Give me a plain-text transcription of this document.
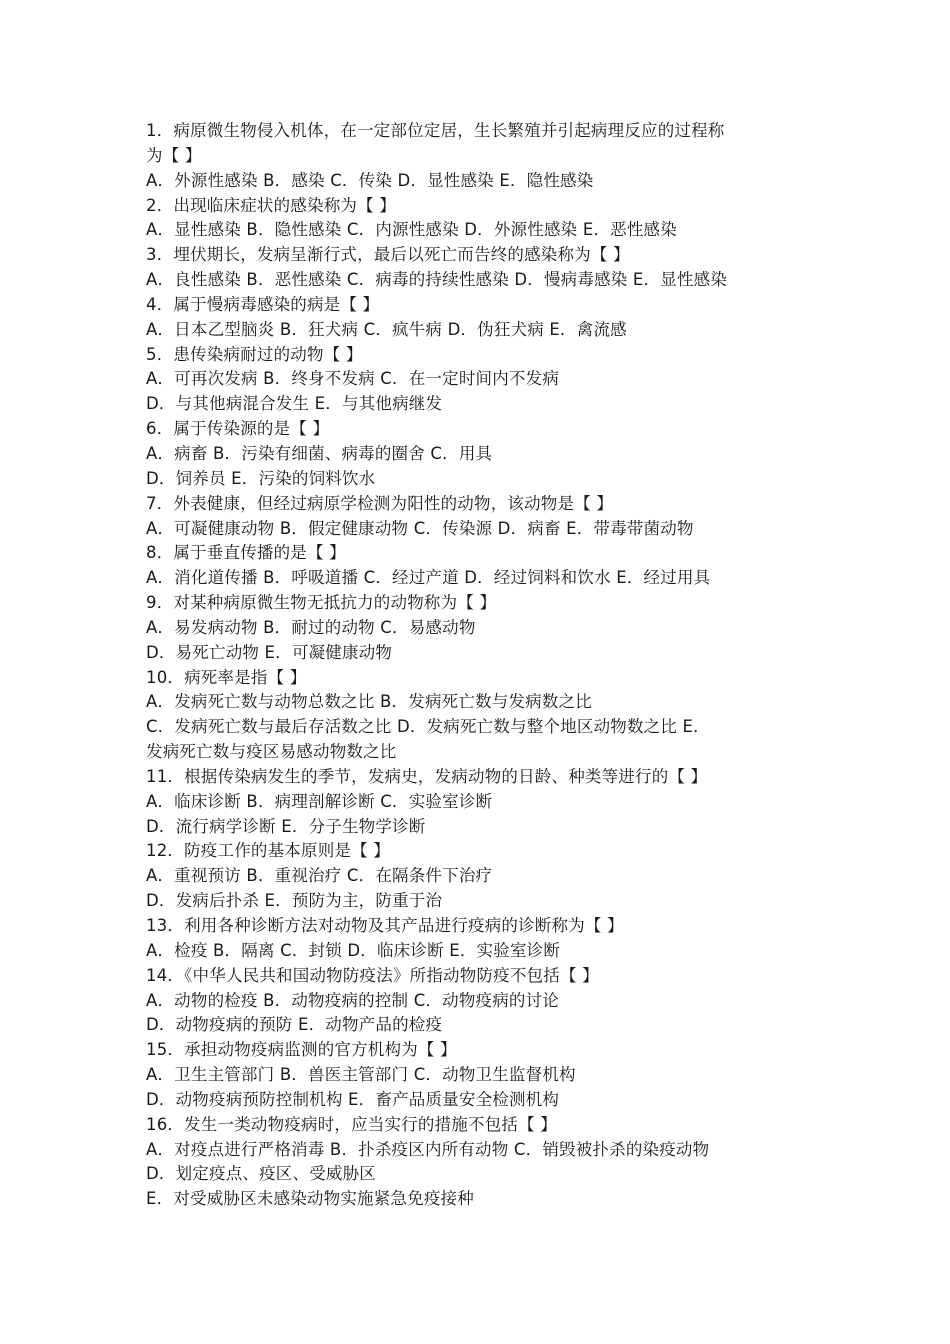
1．病原微生物侵入机体，在一定部位定居，生长繁殖并引起病理反应的过程称
为【 】
A．外源性感染 B．感染 C．传染 D．显性感染 E．隐性感染
2．出现临床症状的感染称为【 】
A．显性感染 B．隐性感染 C．内源性感染 D．外源性感染 E．恶性感染
3．埋伏期长，发病呈渐行式，最后以死亡而告终的感染称为【 】
A．良性感染 B．恶性感染 C．病毒的持续性感染 D．慢病毒感染 E．显性感染
4．属于慢病毒感染的病是【 】
A．日本乙型脑炎 B．狂犬病 C．疯牛病 D．伪狂犬病 E．禽流感
5．患传染病耐过的动物【 】
A．可再次发病 B．终身不发病 C．在一定时间内不发病
D．与其他病混合发生 E．与其他病继发
6．属于传染源的是【 】
A．病畜 B．污染有细菌、病毒的圈舍 C．用具
D．饲养员 E．污染的饲料饮水
7．外表健康，但经过病原学检测为阳性的动物，该动物是【 】
A．可凝健康动物 B．假定健康动物 C．传染源 D．病畜 E．带毒带菌动物
8．属于垂直传播的是【 】
A．消化道传播 B．呼吸道播 C．经过产道 D．经过饲料和饮水 E．经过用具
9．对某种病原微生物无抵抗力的动物称为【 】
A．易发病动物 B．耐过的动物 C．易感动物
D．易死亡动物 E．可凝健康动物
10．病死率是指【 】
A．发病死亡数与动物总数之比 B．发病死亡数与发病数之比
C．发病死亡数与最后存活数之比 D．发病死亡数与整个地区动物数之比 E．
发病死亡数与疫区易感动物数之比
11．根据传染病发生的季节，发病史，发病动物的日龄、种类等进行的【 】
A．临床诊断 B．病理剖解诊断 C．实验室诊断
D．流行病学诊断 E．分子生物学诊断
12．防疫工作的基本原则是【 】
A．重视预访 B．重视治疗 C．在隔条件下治疗
D．发病后扑杀 E．预防为主，防重于治
13．利用各种诊断方法对动物及其产品进行疫病的诊断称为【 】
A．检疫 B．隔离 C．封锁 D．临床诊断 E．实验室诊断
14．《中华人民共和国动物防疫法》所指动物防疫不包括【 】
A．动物的检疫 B．动物疫病的控制 C．动物疫病的讨论
D．动物疫病的预防 E．动物产品的检疫
15．承担动物疫病监测的官方机构为【 】
A．卫生主管部门 B．兽医主管部门 C．动物卫生监督机构
D．动物疫病预防控制机构 E．畜产品质量安全检测机构
16．发生一类动物疫病时，应当实行的措施不包括【 】
A．对疫点进行严格消毒 B．扑杀疫区内所有动物 C．销毁被扑杀的染疫动物
D．划定疫点、疫区、受威胁区
E．对受威胁区未感染动物实施紧急免疫接种
